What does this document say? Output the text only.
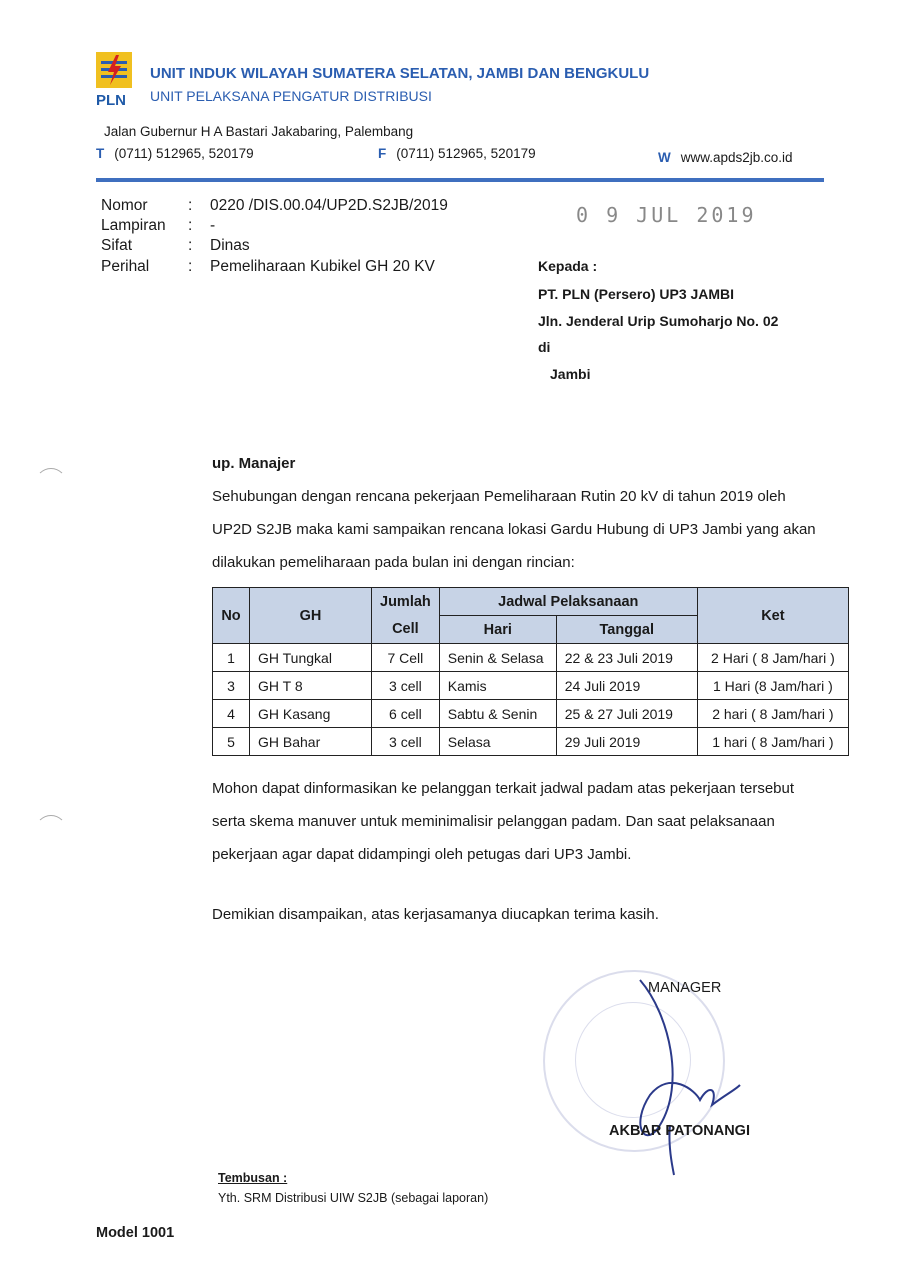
PLN
UNIT INDUK WILAYAH SUMATERA SELATAN, JAMBI DAN BENGKULU
UNIT PELAKSANA PENGATUR DISTRIBUSI
Jalan Gubernur H A Bastari Jakabaring, Palembang
T (0711) 512965, 520179	F (0711) 512965, 520179	W www.apds2jb.co.id
Nomor	: 0220 /DIS.00.04/UP2D.S2JB/2019
Lampiran : -
Sifat	: Dinas
Perihal	: Pemeliharaan Kubikel GH 20 KV
0 9 JUL 2019
Kepada :
PT. PLN (Persero) UP3 JAMBI
Jln. Jenderal Urip Sumoharjo No. 02
di
Jambi
up. Manajer
Sehubungan dengan rencana pekerjaan Pemeliharaan Rutin 20 kV di tahun 2019 oleh UP2D S2JB maka kami sampaikan rencana lokasi Gardu Hubung di UP3 Jambi yang akan dilakukan pemeliharaan pada bulan ini dengan rincian:
No	GH	Jumlah	Jadwal Pelaksanaan		Ket
		Cell	Hari	Tanggal	
1	GH Tungkal	7 Cell	Senin & Selasa	22 & 23 Juli 2019	2 Hari ( 8 Jam/hari )
3	GH T 8	3 cell	Kamis	24 Juli 2019	1 Hari (8 Jam/hari )
4	GH Kasang	6 cell	Sabtu & Senin	25 & 27 Juli 2019	2 hari ( 8 Jam/hari )
5	GH Bahar	3 cell	Selasa	29 Juli 2019	1 hari ( 8 Jam/hari )
Mohon dapat dinformasikan ke pelanggan terkait jadwal padam atas pekerjaan tersebut serta skema manuver untuk meminimalisir pelanggan padam. Dan saat pelaksanaan pekerjaan agar dapat didampingi oleh petugas dari UP3 Jambi.
Demikian disampaikan, atas kerjasamanya diucapkan terima kasih.
MANAGER
AKBAR PATONANGI
Tembusan :
Yth. SRM Distribusi UIW S2JB (sebagai laporan)
Model 1001
